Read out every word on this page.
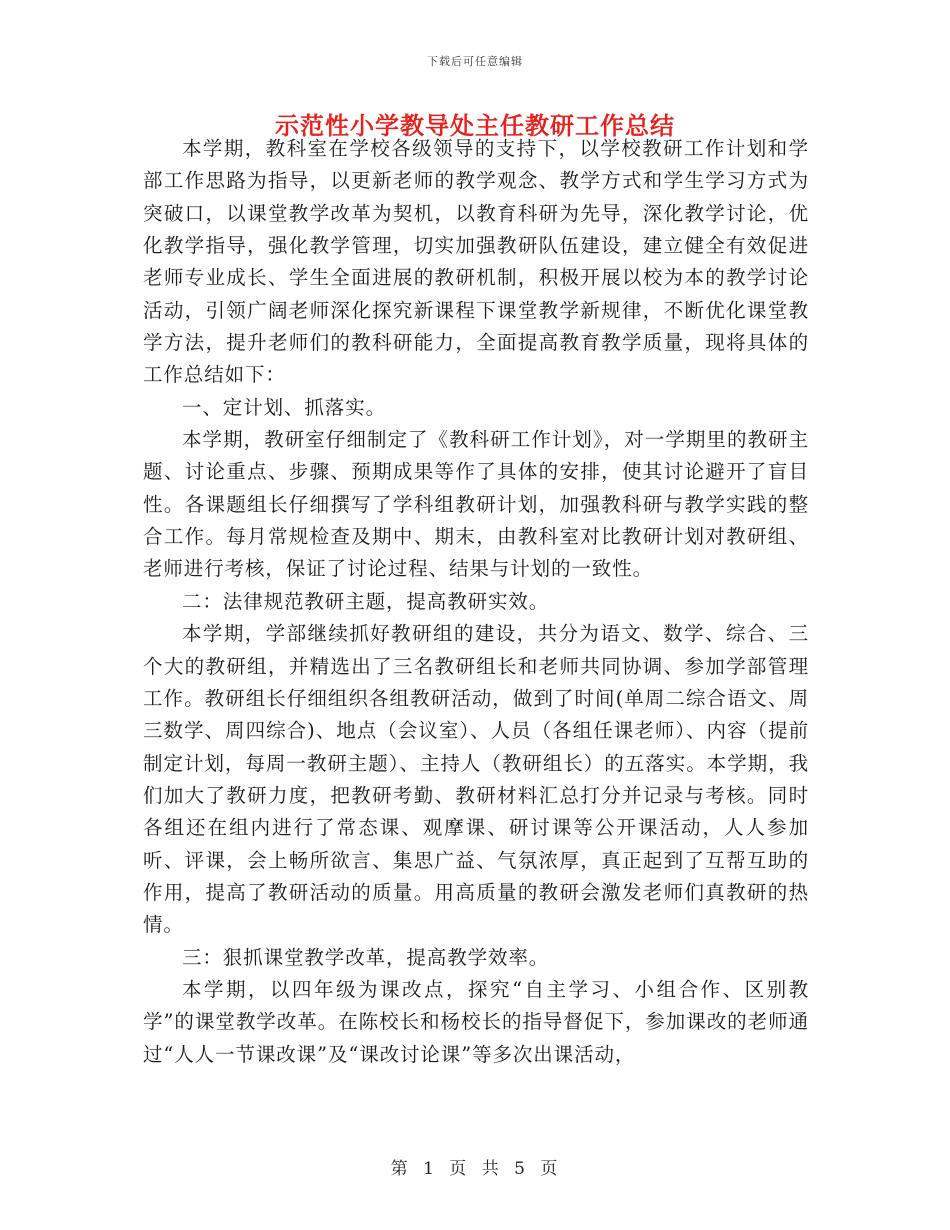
下载后可任意编辑
示范性小学教导处主任教研工作总结

本学期，教科室在学校各级领导的支持下，以学校教研工作计划和学部工作思路为指导，以更新老师的教学观念、教学方式和学生学习方式为突破口，以课堂教学改革为契机，以教育科研为先导，深化教学讨论，优化教学指导，强化教学管理，切实加强教研队伍建设，建立健全有效促进老师专业成长、学生全面进展的教研机制，积极开展以校为本的教学讨论活动，引领广阔老师深化探究新课程下课堂教学新规律，不断优化课堂教学方法，提升老师们的教科研能力，全面提高教育教学质量，现将具体的工作总结如下：

一、定计划、抓落实。

本学期，教研室仔细制定了《教科研工作计划》，对一学期里的教研主题、讨论重点、步骤、预期成果等作了具体的安排，使其讨论避开了盲目性。各课题组长仔细撰写了学科组教研计划，加强教科研与教学实践的整合工作。每月常规检查及期中、期末，由教科室对比教研计划对教研组、老师进行考核，保证了讨论过程、结果与计划的一致性。

二：法律规范教研主题，提高教研实效。

本学期，学部继续抓好教研组的建设，共分为语文、数学、综合、三个大的教研组，并精选出了三名教研组长和老师共同协调、参加学部管理工作。教研组长仔细组织各组教研活动，做到了时间(单周二综合语文、周三数学、周四综合)、地点（会议室）、人员（各组任课老师）、内容（提前制定计划，每周一教研主题）、主持人（教研组长）的五落实。本学期，我们加大了教研力度，把教研考勤、教研材料汇总打分并记录与考核。同时各组还在组内进行了常态课、观摩课、研讨课等公开课活动，人人参加听、评课，会上畅所欲言、集思广益、气氛浓厚，真正起到了互帮互助的作用，提高了教研活动的质量。用高质量的教研会激发老师们真教研的热情。

三：狠抓课堂教学改革，提高教学效率。

本学期，以四年级为课改点，探究“自主学习、小组合作、区别教学”的课堂教学改革。在陈校长和杨校长的指导督促下，参加课改的老师通过“人人一节课改课”及“课改讨论课”等多次出课活动，

第 1 页 共 5 页
